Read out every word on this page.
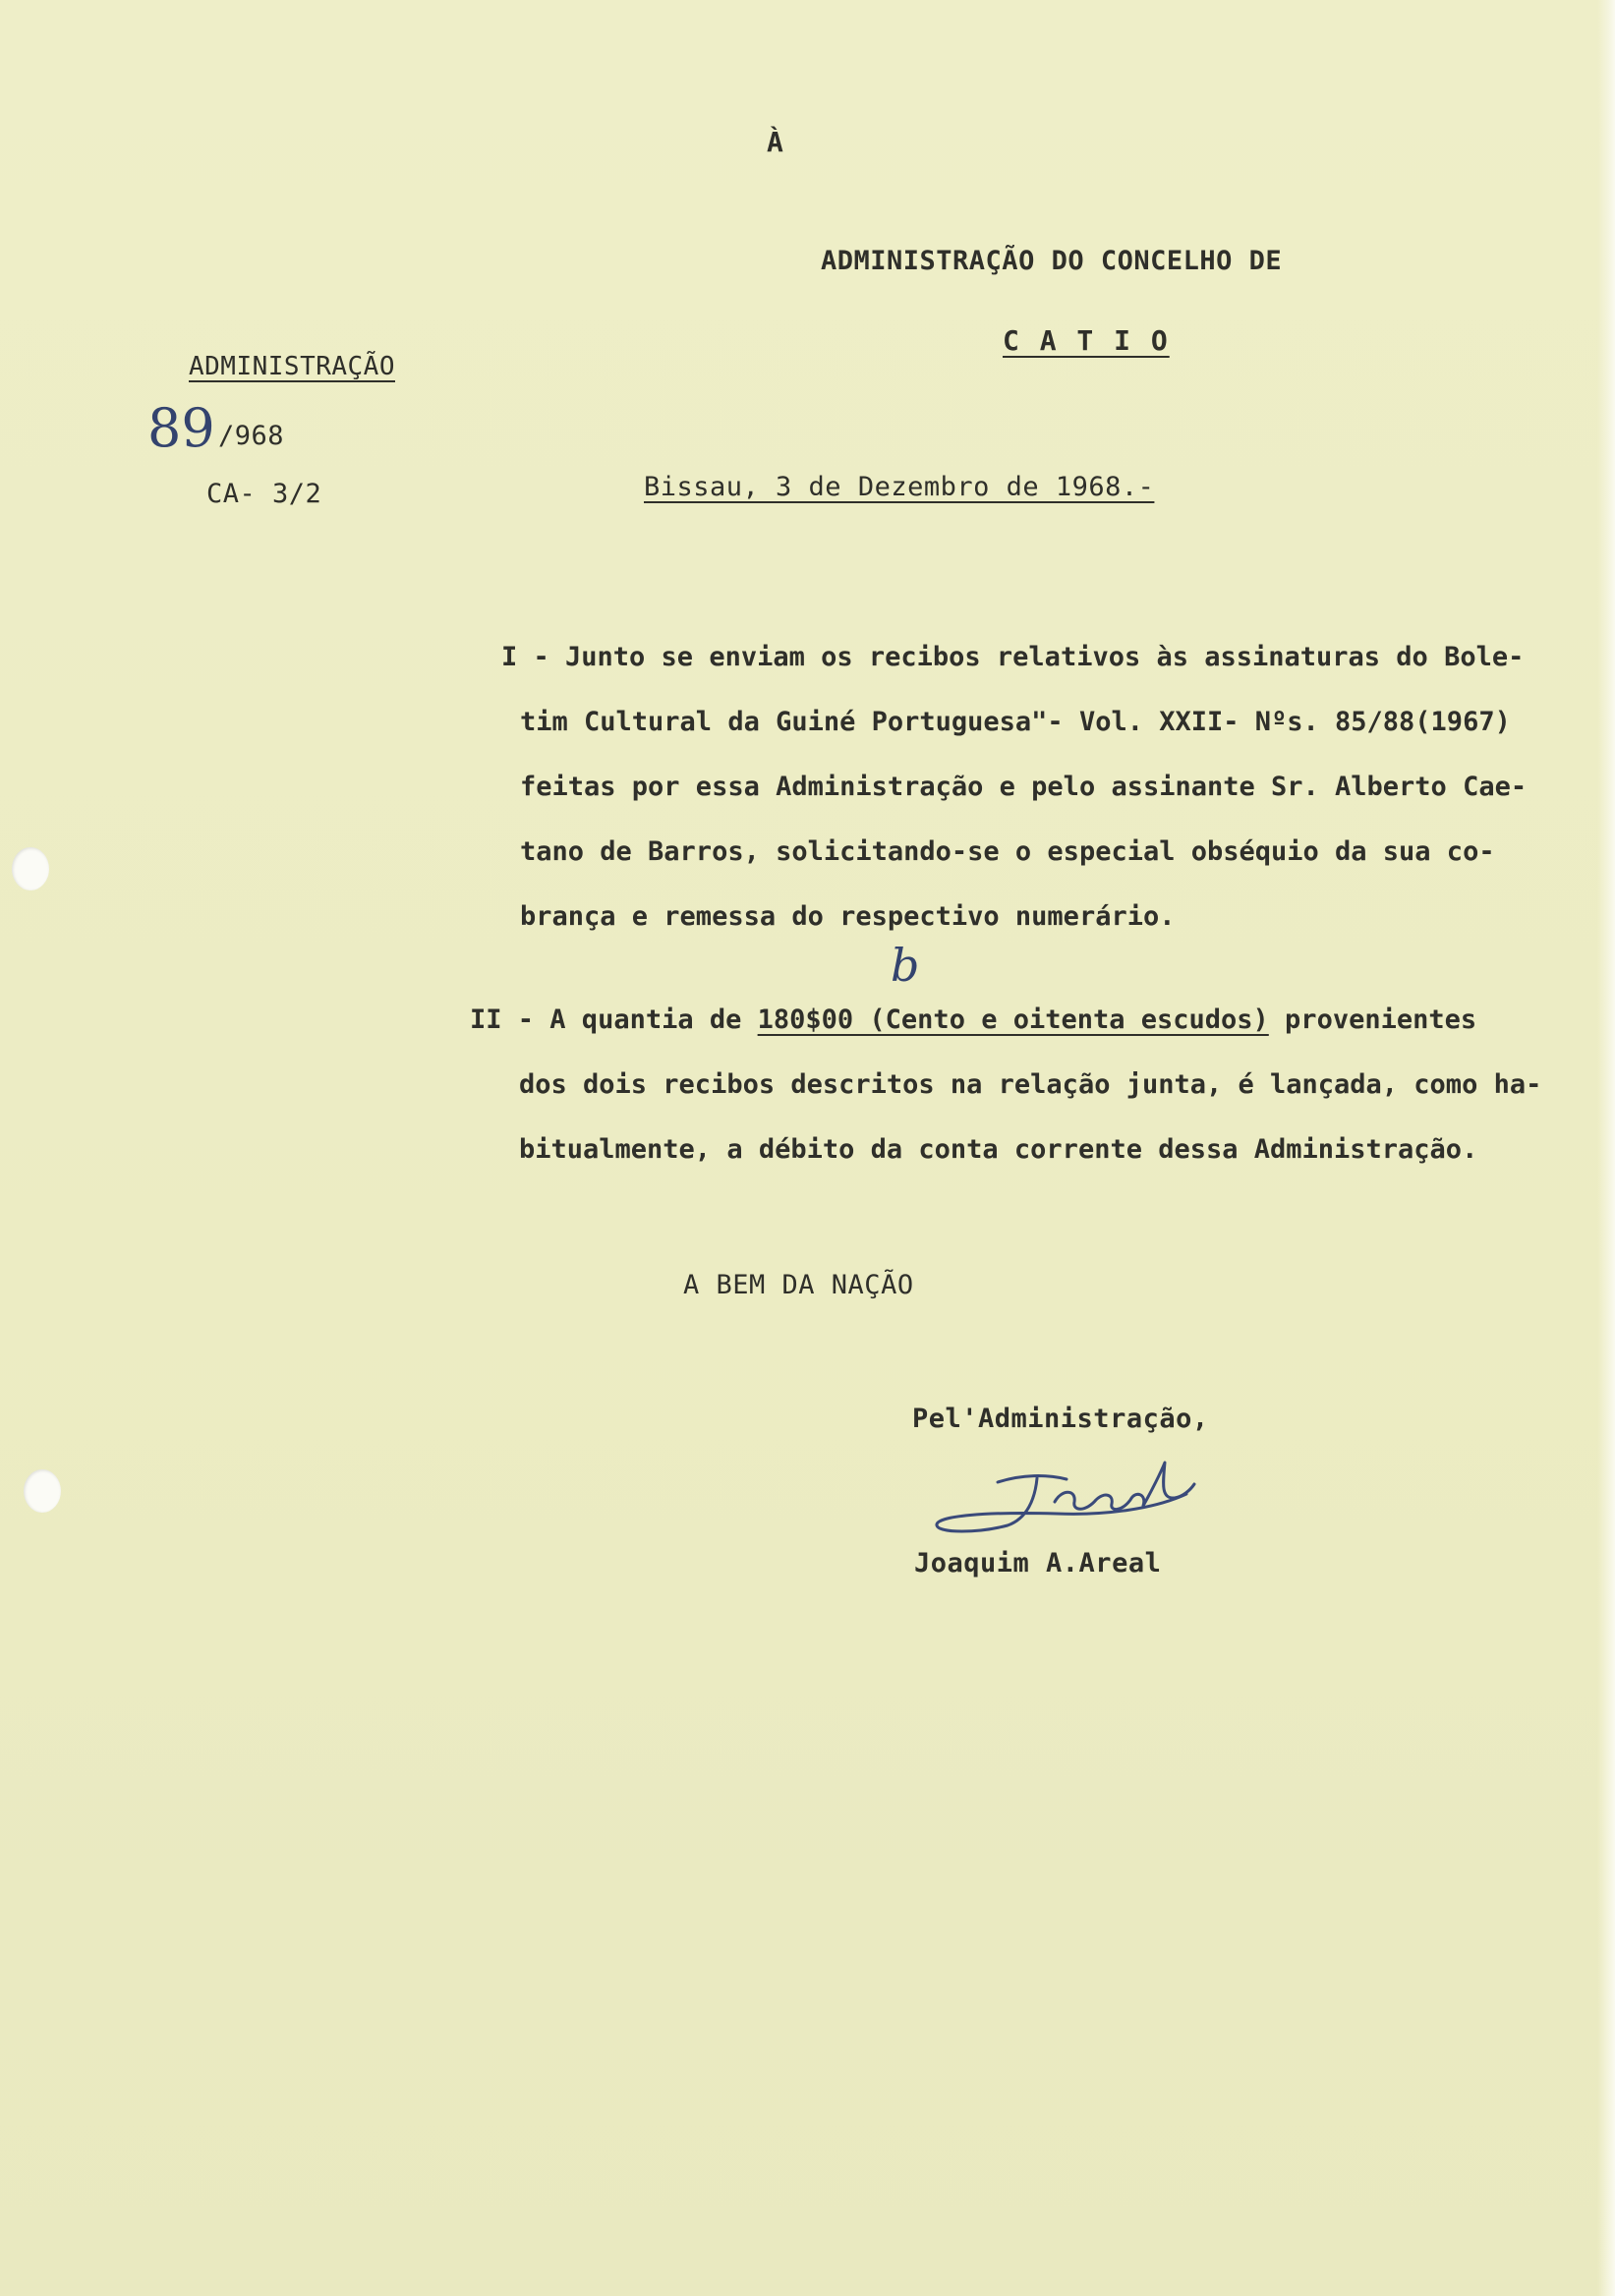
À
ADMINISTRAÇÃO DO CONCELHO DE
C A T I O
ADMINISTRAÇÃO
89 /968
CA- 3/2	Bissau, 3 de Dezembro de 1968.-
I - Junto se enviam os recibos relativos às assinaturas do Bole-
tim Cultural da Guiné Portuguesa"- Vol. XXII- Nºs. 85/88(1967)
feitas por essa Administração e pelo assinante Sr. Alberto Cae-
tano de Barros, solicitando-se o especial obséquio da sua co-
brança e remessa do respectivo numerário.
b
II - A quantia de 180$00 (Cento e oitenta escudos) provenientes
dos dois recibos descritos na relação junta, é lançada, como ha-
bitualmente, a débito da conta corrente dessa Administração.
A BEM DA NAÇÃO
Pel'Administração,
Joaquim A.Areal
